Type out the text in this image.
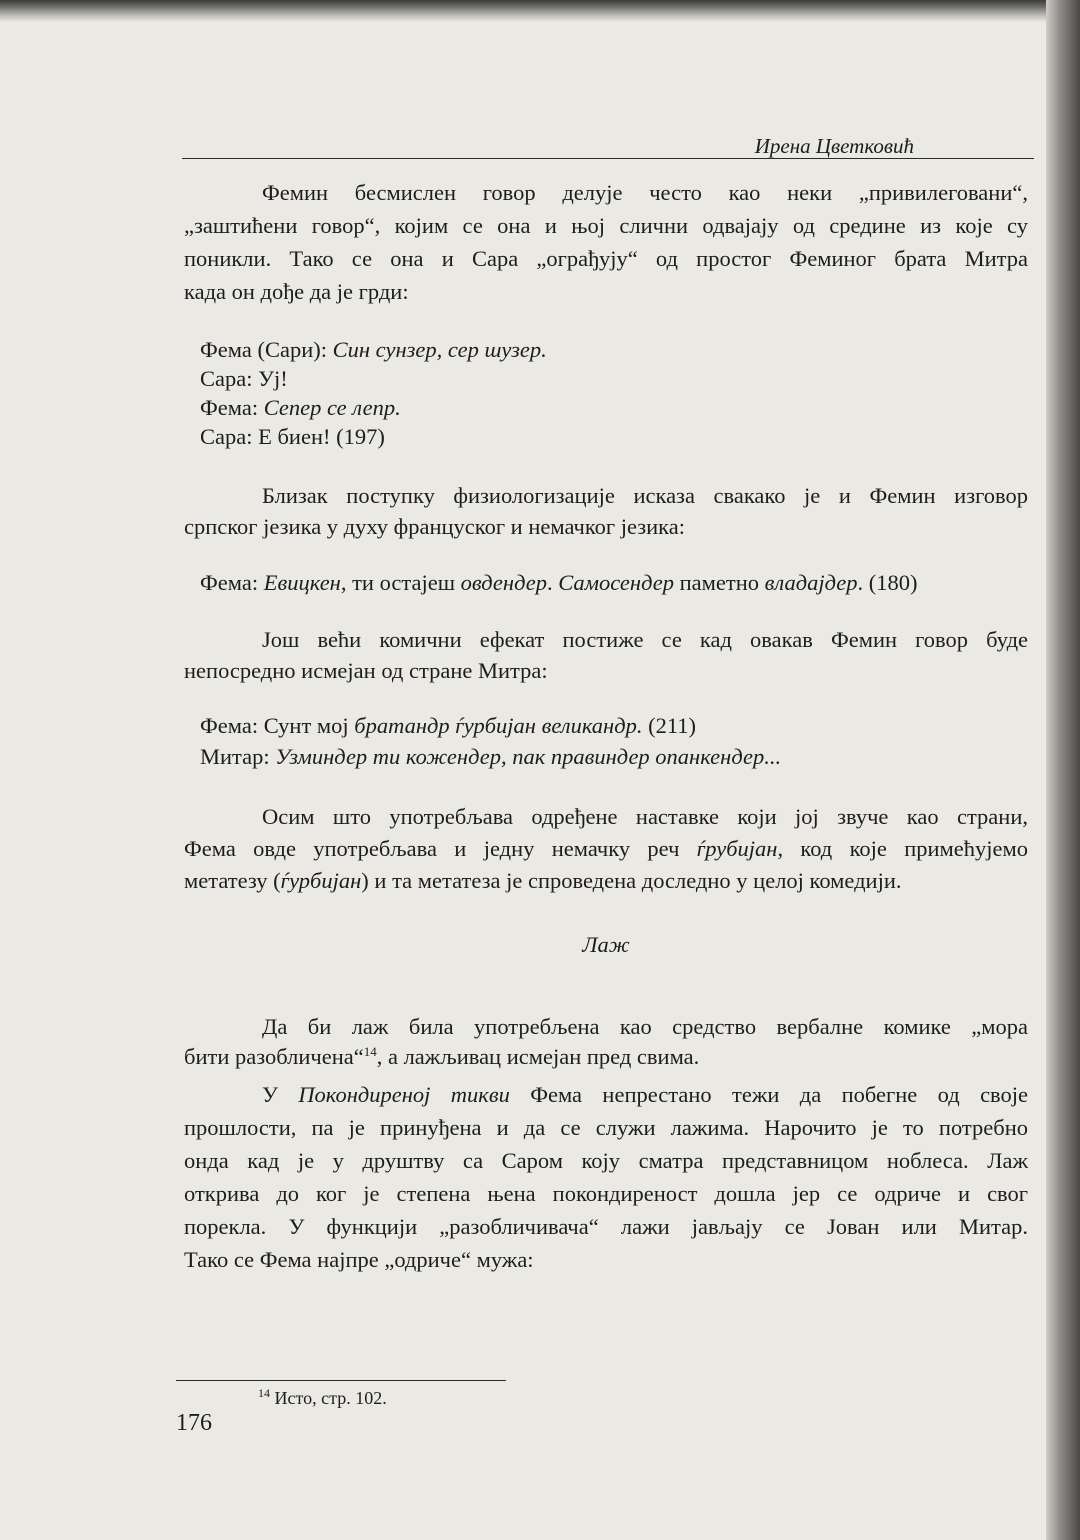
Ирена Цветковић
Фемин бесмислен говор делује често као неки „привилеговани“,
„заштићени говор“, којим се она и њој слични одвајају од средине из које су
поникли. Тако се она и Сара „ограђују“ од простог Феминог брата Митра
када он дође да је грди:
Фема (Сари): Син сунзер, сер шузер.
Сара: Уј!
Фема: Сепер се лепр.
Сара: Е биен! (197)
Близак поступку физиологизације исказа свакако је и Фемин изговор
српског језика у духу француског и немачког језика:
Фема: Евицкен, ти остајеш овдендер. Самосендер паметно владајдер. (180)
Још већи комични ефекат постиже се кад овакав Фемин говор буде
непосредно исмејан од стране Митра:
Фема: Сунт мој братандр ѓурбијан великандр. (211)
Митар: Узминдер ти кожендер, пак правиндер опанкендер...
Осим што употребљава одређене наставке који јој звуче као страни,
Фема овде употребљава и једну немачку реч ѓрубијан, код које примећујемо
метатезу (ѓурбијан) и та метатеза је спроведена доследно у целој комедији.
Лаж
Да би лаж била употребљена као средство вербалне комике „мора
бити разобличена“$^{14}$, а лажљивац исмејан пред свима.
У Покондиреној тикви Фема непрестано тежи да побегне од своје
прошлости, па је принуђена и да се служи лажима. Нарочито је то потребно
онда кад је у друштву са Саром коју сматра представницом ноблеса. Лаж
открива до ког је степена њена покондиреност дошла јер се одриче и свог
порекла. У функцији „разобличивача“ лажи јављају се Јован или Митар.
Тако се Фема најпре „одриче“ мужа:
$^{14}$ Исто, стр. 102.
176
